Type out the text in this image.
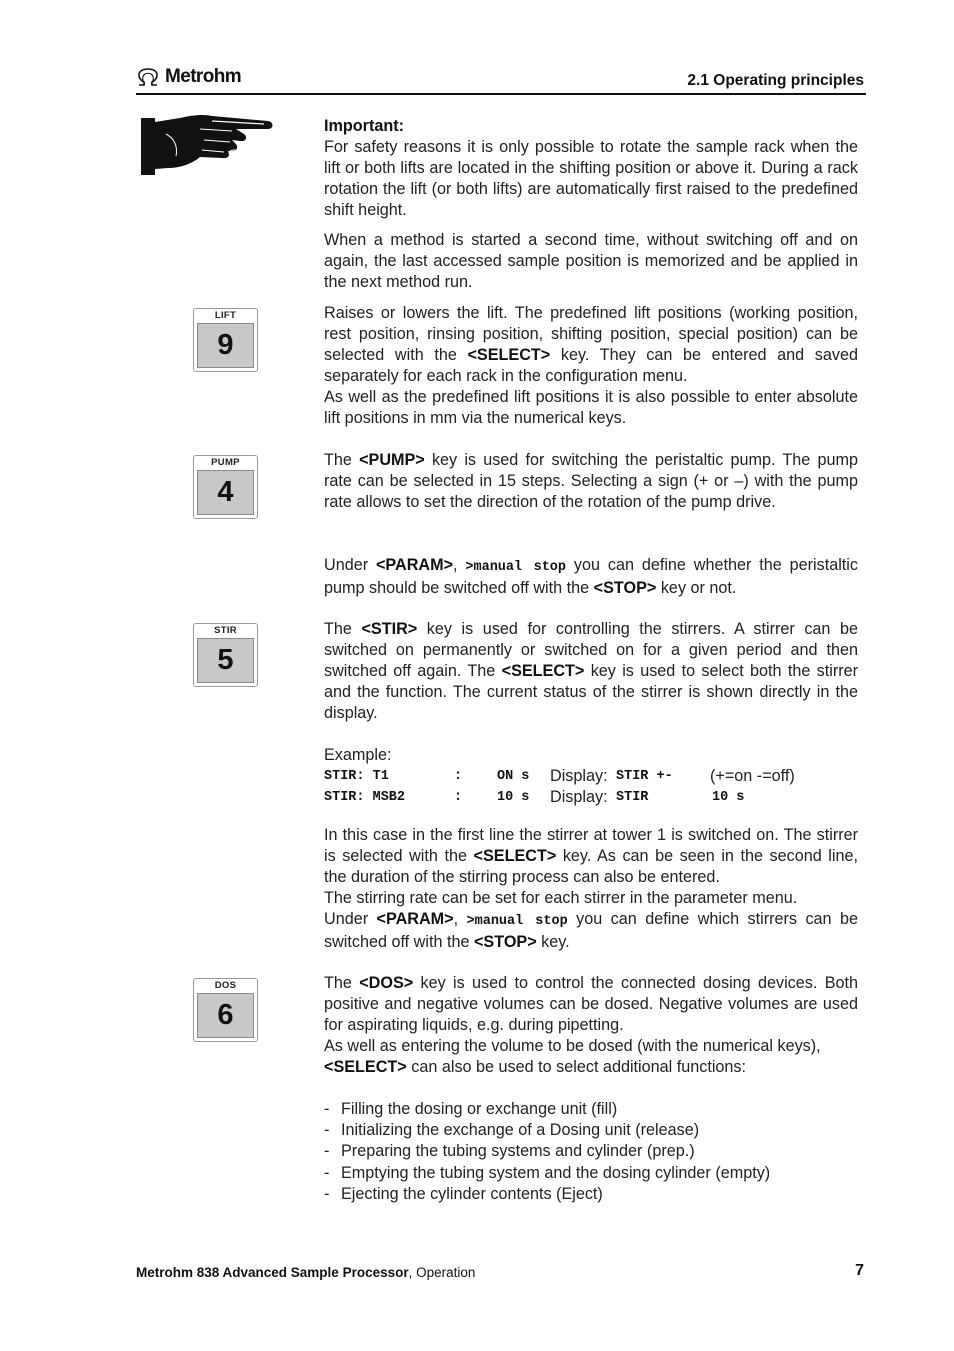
Metrohm	2.1 Operating principles

Important:

For safety reasons it is only possible to rotate the sample rack when the lift or both lifts are located in the shifting position or above it. During a rack rotation the lift (or both lifts) are automatically first raised to the predefined shift height.

When a method is started a second time, without switching off and on again, the last accessed sample position is memorized and be applied in the next method run.

LIFT
9

Raises or lowers the lift. The predefined lift positions (working position, rest position, rinsing position, shifting position, special position) can be selected with the <SELECT> key. They can be entered and saved separately for each rack in the configuration menu.

As well as the predefined lift positions it is also possible to enter absolute lift positions in mm via the numerical keys.

PUMP
4

The <PUMP> key is used for switching the peristaltic pump. The pump rate can be selected in 15 steps. Selecting a sign (+ or –) with the pump rate allows to set the direction of the rotation of the pump drive.

Under <PARAM>, >manual stop you can define whether the peristaltic pump should be switched off with the <STOP> key or not.

STIR
5

The <STIR> key is used for controlling the stirrers. A stirrer can be switched on permanently or switched on for a given period and then switched off again. The <SELECT> key is used to select both the stirrer and the function. The current status of the stirrer is shown directly in the display.

Example:
STIR: T1	:	ON s Display: STIR +- (+=on -=off)
STIR: MSB2	:	10 s Display: STIR	10 s

In this case in the first line the stirrer at tower 1 is switched on. The stirrer is selected with the <SELECT> key. As can be seen in the second line, the duration of the stirring process can also be entered.

The stirring rate can be set for each stirrer in the parameter menu.

Under <PARAM>, >manual stop you can define which stirrers can be switched off with the <STOP> key.

DOS
6

The <DOS> key is used to control the connected dosing devices. Both positive and negative volumes can be dosed. Negative volumes are used for aspirating liquids, e.g. during pipetting.

As well as entering the volume to be dosed (with the numerical keys),

<SELECT> can also be used to select additional functions:

- Filling the dosing or exchange unit (fill)
- Initializing the exchange of a Dosing unit (release)
- Preparing the tubing systems and cylinder (prep.)
- Emptying the tubing system and the dosing cylinder (empty)
- Ejecting the cylinder contents (Eject)
Metrohm 838 Advanced Sample Processor, Operation	7
